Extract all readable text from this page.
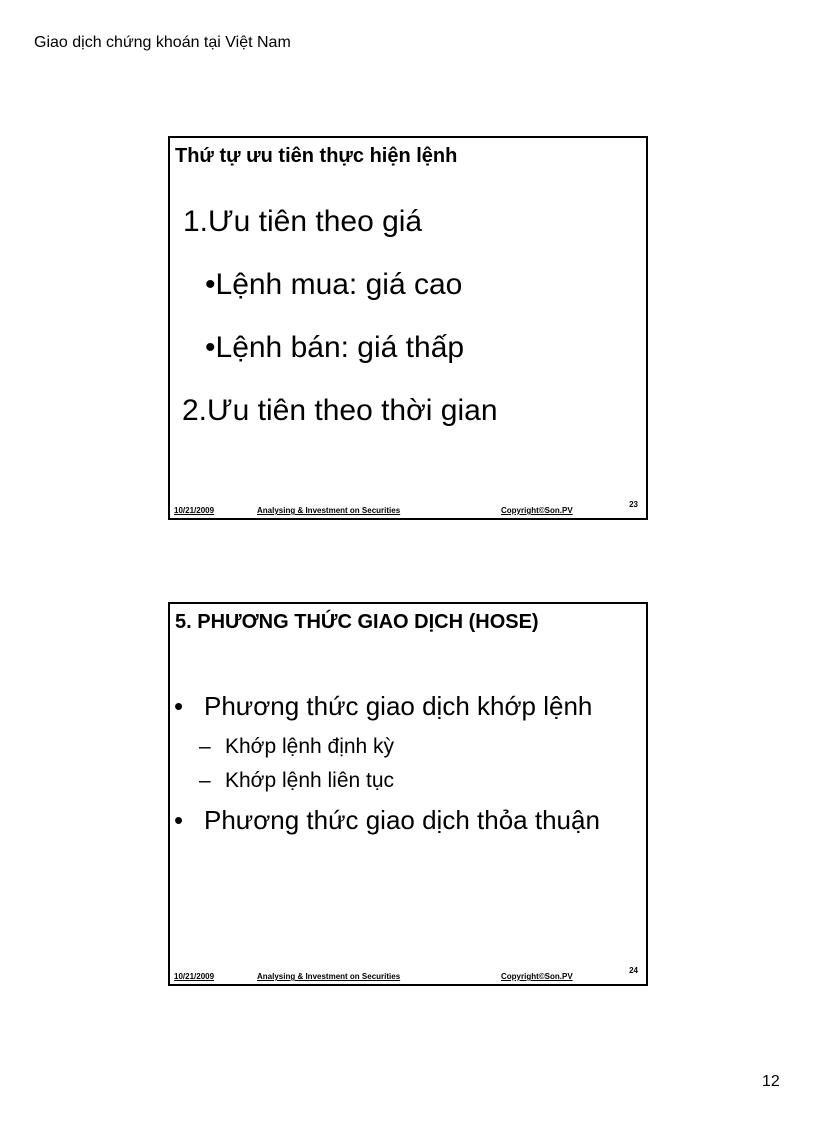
Giao dịch chứng khoán tại Việt Nam
Thứ tự ưu tiên thực hiện lệnh
1.Ưu tiên theo giá
•Lệnh mua: giá cao
•Lệnh bán: giá thấp
2.Ưu tiên theo thời gian
10/21/2009	Analysing & Investment on Securities	Copyright©Son.PV
23
5. PHƯƠNG THỨC GIAO DỊCH (HOSE)
• Phương thức giao dịch khớp lệnh
– Khớp lệnh định kỳ
– Khớp lệnh liên tục
• Phương thức giao dịch thỏa thuận
10/21/2009	Analysing & Investment on Securities	Copyright©Son.PV
24
12
